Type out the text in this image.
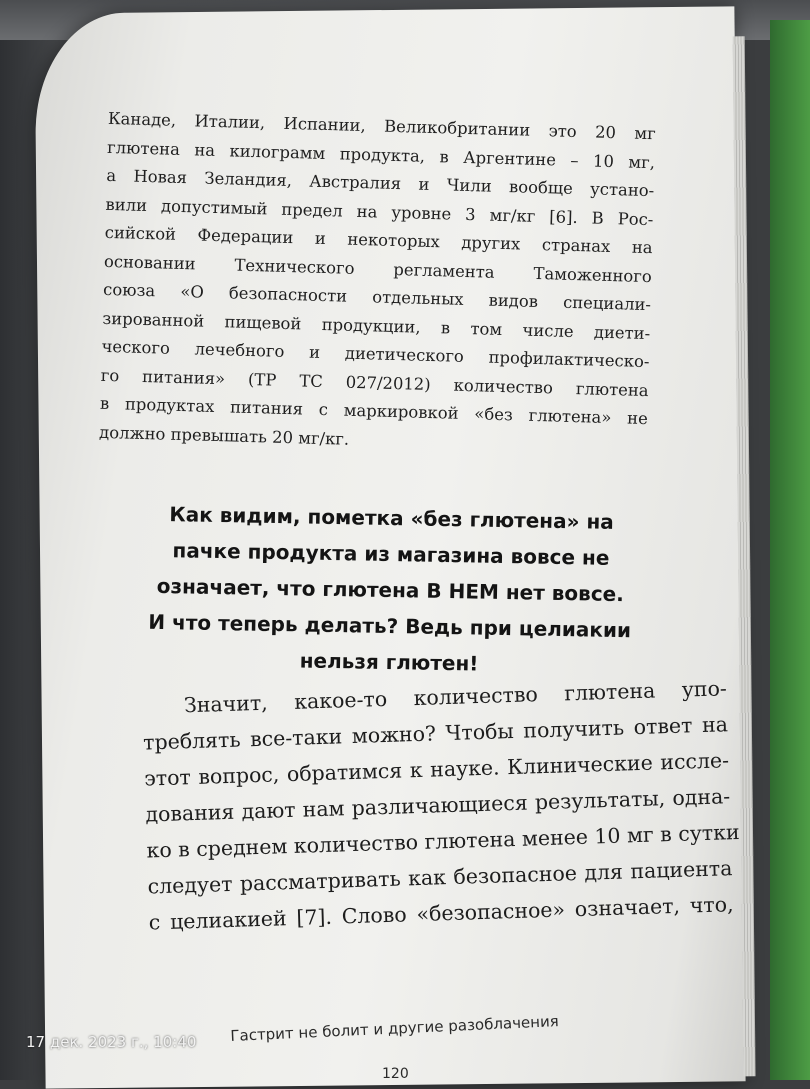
Канаде, Италии, Испании, Великобритании это 20 мг
глютена на килограмм продукта, в Аргентине – 10 мг,
а Новая Зеландия, Австралия и Чили вообще устано-
вили допустимый предел на уровне 3 мг/кг [6]. В Рос-
сийской Федерации и некоторых других странах на
основании Технического регламента Таможенного
союза «О безопасности отдельных видов специали-
зированной пищевой продукции, в том числе диети-
ческого лечебного и диетического профилактическо-
го питания» (ТР ТС 027/2012) количество глютена
в продуктах питания с маркировкой «без глютена» не
должно превышать 20 мг/кг.

Как видим, пометка «без глютена» на
пачке продукта из магазина вовсе не
означает, что глютена В НЕМ нет вовсе.
И что теперь делать? Ведь при целиакии
нельзя глютен!
Значит, какое-то количество глютена упо-
треблять все-таки можно? Чтобы получить ответ на
этот вопрос, обратимся к науке. Клинические иссле-
дования дают нам различающиеся результаты, одна-
ко в среднем количество глютена менее 10 мг в сутки
следует рассматривать как безопасное для пациента
с целиакией [7]. Слово «безопасное» означает, что,
Гастрит не болит и другие разоблачения
120
17 дек. 2023 г., 10:40
